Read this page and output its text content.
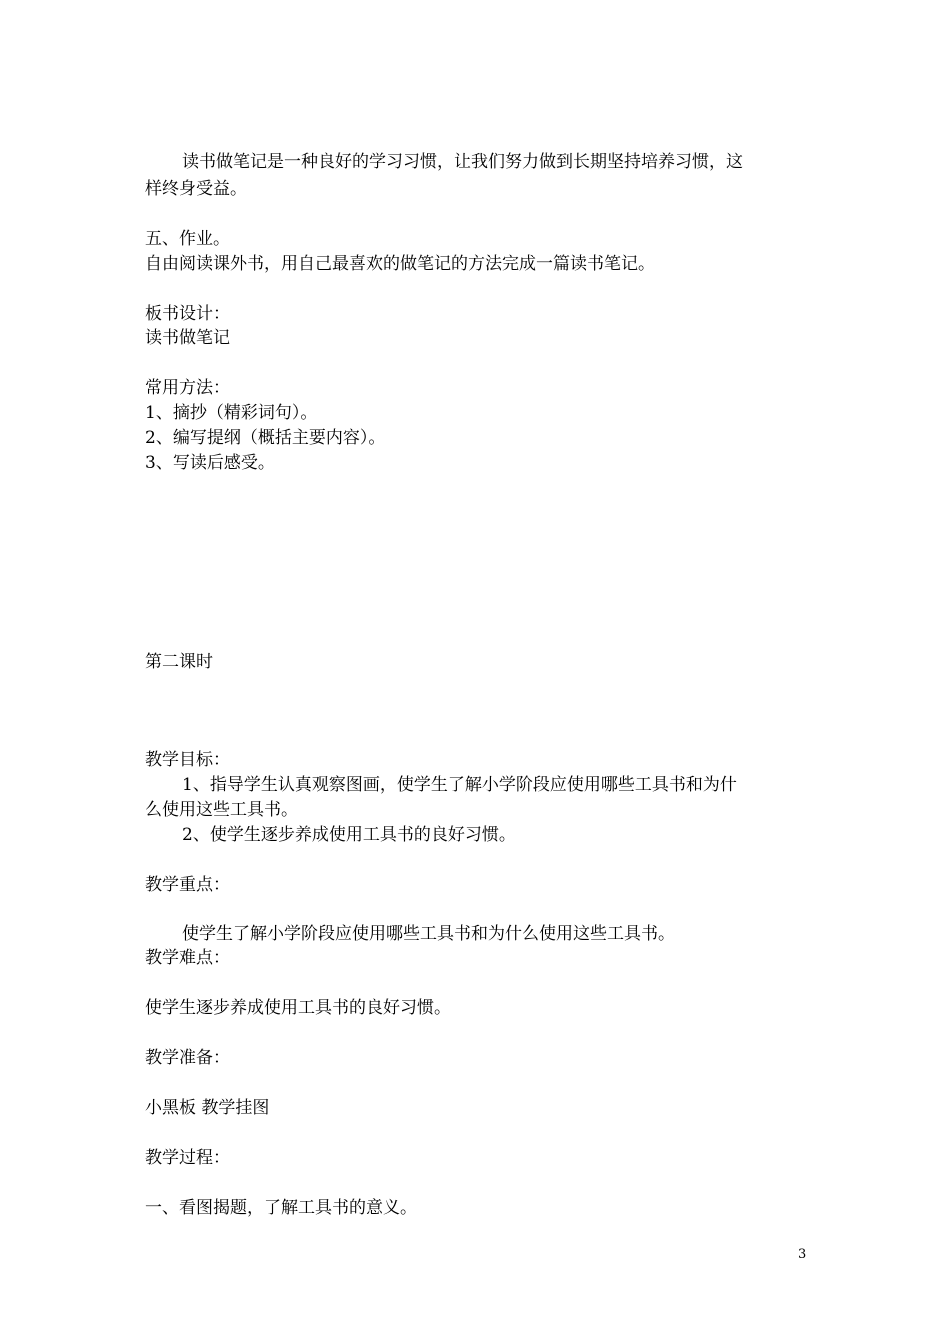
读书做笔记是一种良好的学习习惯，让我们努力做到长期坚持培养习惯，这
样终身受益。
五、作业。
自由阅读课外书，用自己最喜欢的做笔记的方法完成一篇读书笔记。
板书设计：
读书做笔记
常用方法：
1、摘抄（精彩词句）。
2、编写提纲（概括主要内容）。
3、写读后感受。
第二课时
教学目标：
1、指导学生认真观察图画，使学生了解小学阶段应使用哪些工具书和为什
么使用这些工具书。
2、使学生逐步养成使用工具书的良好习惯。
教学重点：
使学生了解小学阶段应使用哪些工具书和为什么使用这些工具书。
教学难点：
使学生逐步养成使用工具书的良好习惯。
教学准备：
小黑板 教学挂图
教学过程：
一、看图揭题，了解工具书的意义。
3
